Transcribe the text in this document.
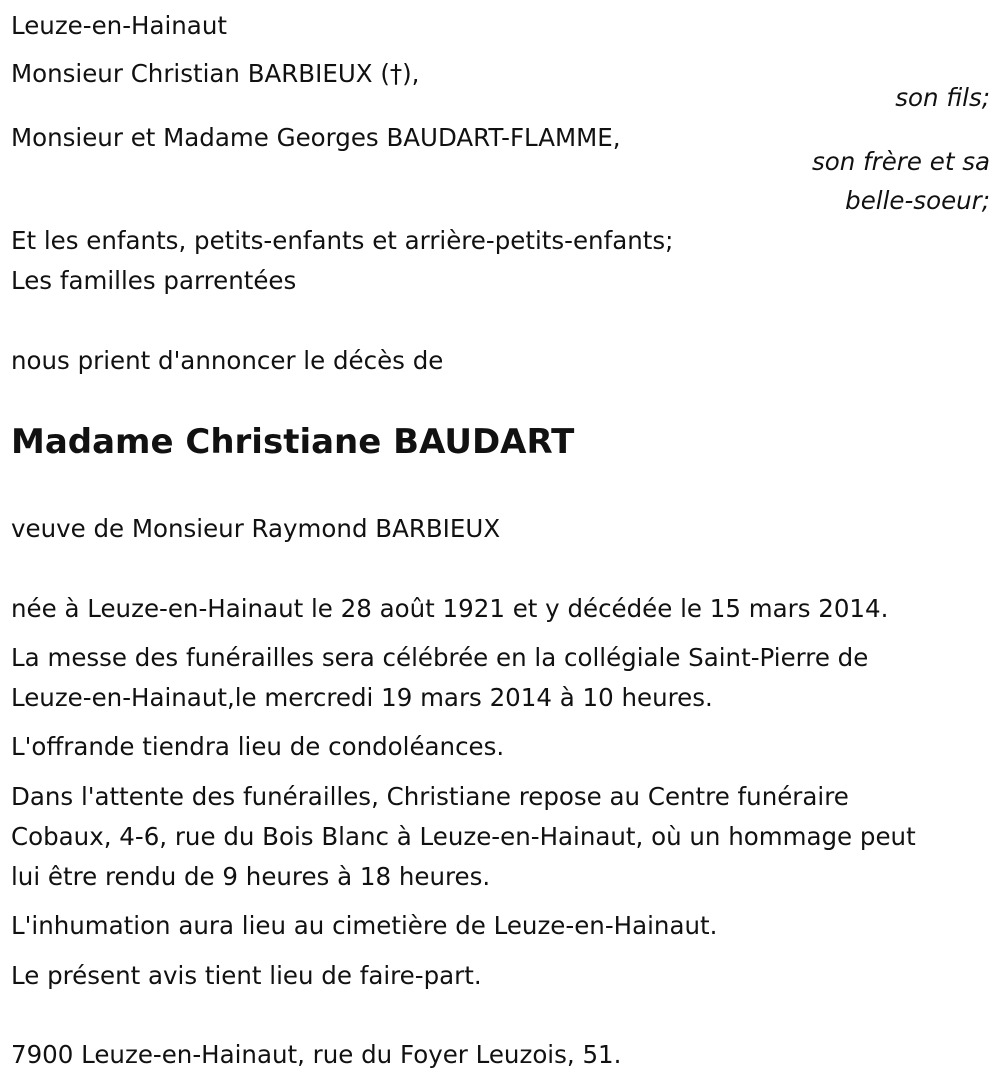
Leuze-en-Hainaut
Monsieur Christian BARBIEUX (†),
son fils;
Monsieur et Madame Georges BAUDART-FLAMME,
son frère et sa
belle-soeur;
Et les enfants, petits-enfants et arrière-petits-enfants;
Les familles parrentées
nous prient d'annoncer le décès de
Madame Christiane BAUDART
veuve de Monsieur Raymond BARBIEUX
née à Leuze-en-Hainaut le 28 août 1921 et y décédée le 15 mars 2014.
La messe des funérailles sera célébrée en la collégiale Saint-Pierre de
Leuze-en-Hainaut,le mercredi 19 mars 2014 à 10 heures.
L'offrande tiendra lieu de condoléances.
Dans l'attente des funérailles, Christiane repose au Centre funéraire
Cobaux, 4-6, rue du Bois Blanc à Leuze-en-Hainaut, où un hommage peut
lui être rendu de 9 heures à 18 heures.
L'inhumation aura lieu au cimetière de Leuze-en-Hainaut.
Le présent avis tient lieu de faire-part.
7900 Leuze-en-Hainaut, rue du Foyer Leuzois, 51.
